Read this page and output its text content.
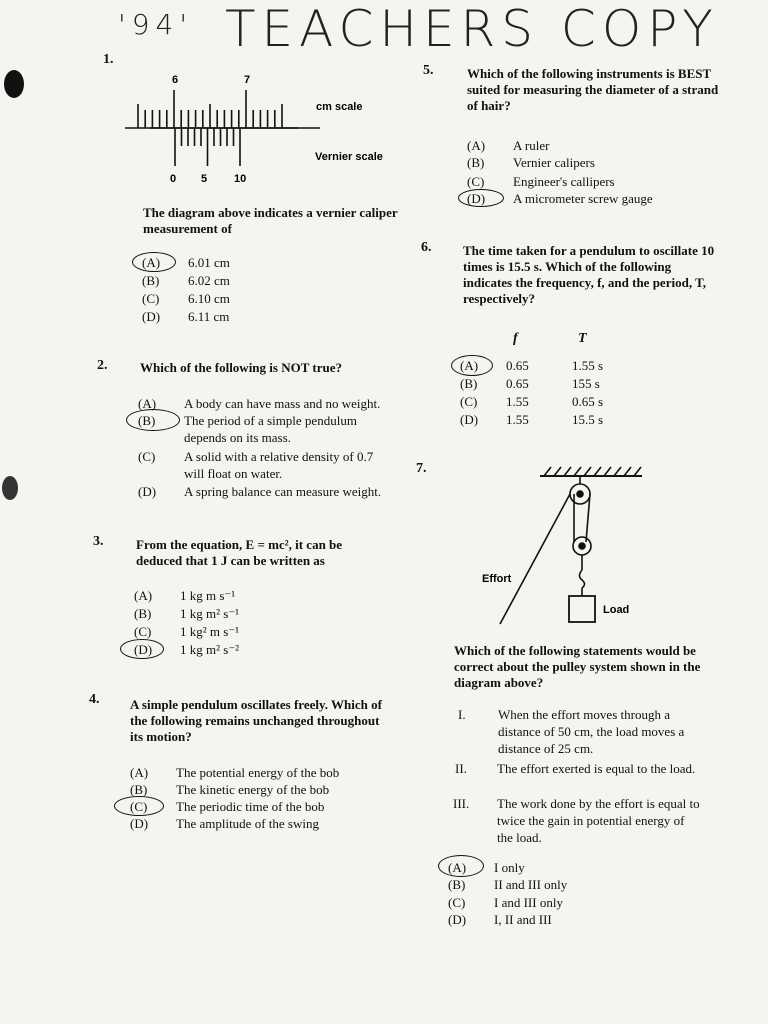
'94' TEACHERS COPY
1.
6	7
cm scale
Vernier scale
0 5 10
The diagram above indicates a vernier caliper measurement of
(A)	6.01 cm
(B)	6.02 cm
(C)	6.10 cm
(D)	6.11 cm
2.	Which of the following is NOT true?
(A)	A body can have mass and no weight.
(B)	The period of a simple pendulum depends on its mass.
(C)	A solid with a relative density of 0.7 will float on water.
(D)	A spring balance can measure weight.
3.	From the equation, E = mc², it can be deduced that 1 J can be written as
(A)	1 kg m s⁻¹
(B)	1 kg m² s⁻¹
(C)	1 kg² m s⁻¹
(D)	1 kg m² s⁻²
4. A simple pendulum oscillates freely. Which of the following remains unchanged throughout its motion?
(A)	The potential energy of the bob
(B)	The kinetic energy of the bob
(C)	The periodic time of the bob
(D)	The amplitude of the swing
5.	Which of the following instruments is BEST suited for measuring the diameter of a strand of hair?
(A)	A ruler
(B)	Vernier calipers
(C)	Engineer's callipers
(D)	A micrometer screw gauge
6. The time taken for a pendulum to oscillate 10 times is 15.5 s. Which of the following indicates the frequency, f, and the period, T, respectively?
f	T
(A)	0.65	1.55 s
(B)	0.65	155 s
(C)	1.55	0.65 s
(D)	1.55	15.5 s
7.
Effort
Load
Which of the following statements would be correct about the pulley system shown in the diagram above?
I.	When the effort moves through a distance of 50 cm, the load moves a distance of 25 cm.
II.	The effort exerted is equal to the load.
III.	The work done by the effort is equal to twice the gain in potential energy of the load.
(A)	I only
(B)	II and III only
(C)	I and III only
(D)	I, II and III
